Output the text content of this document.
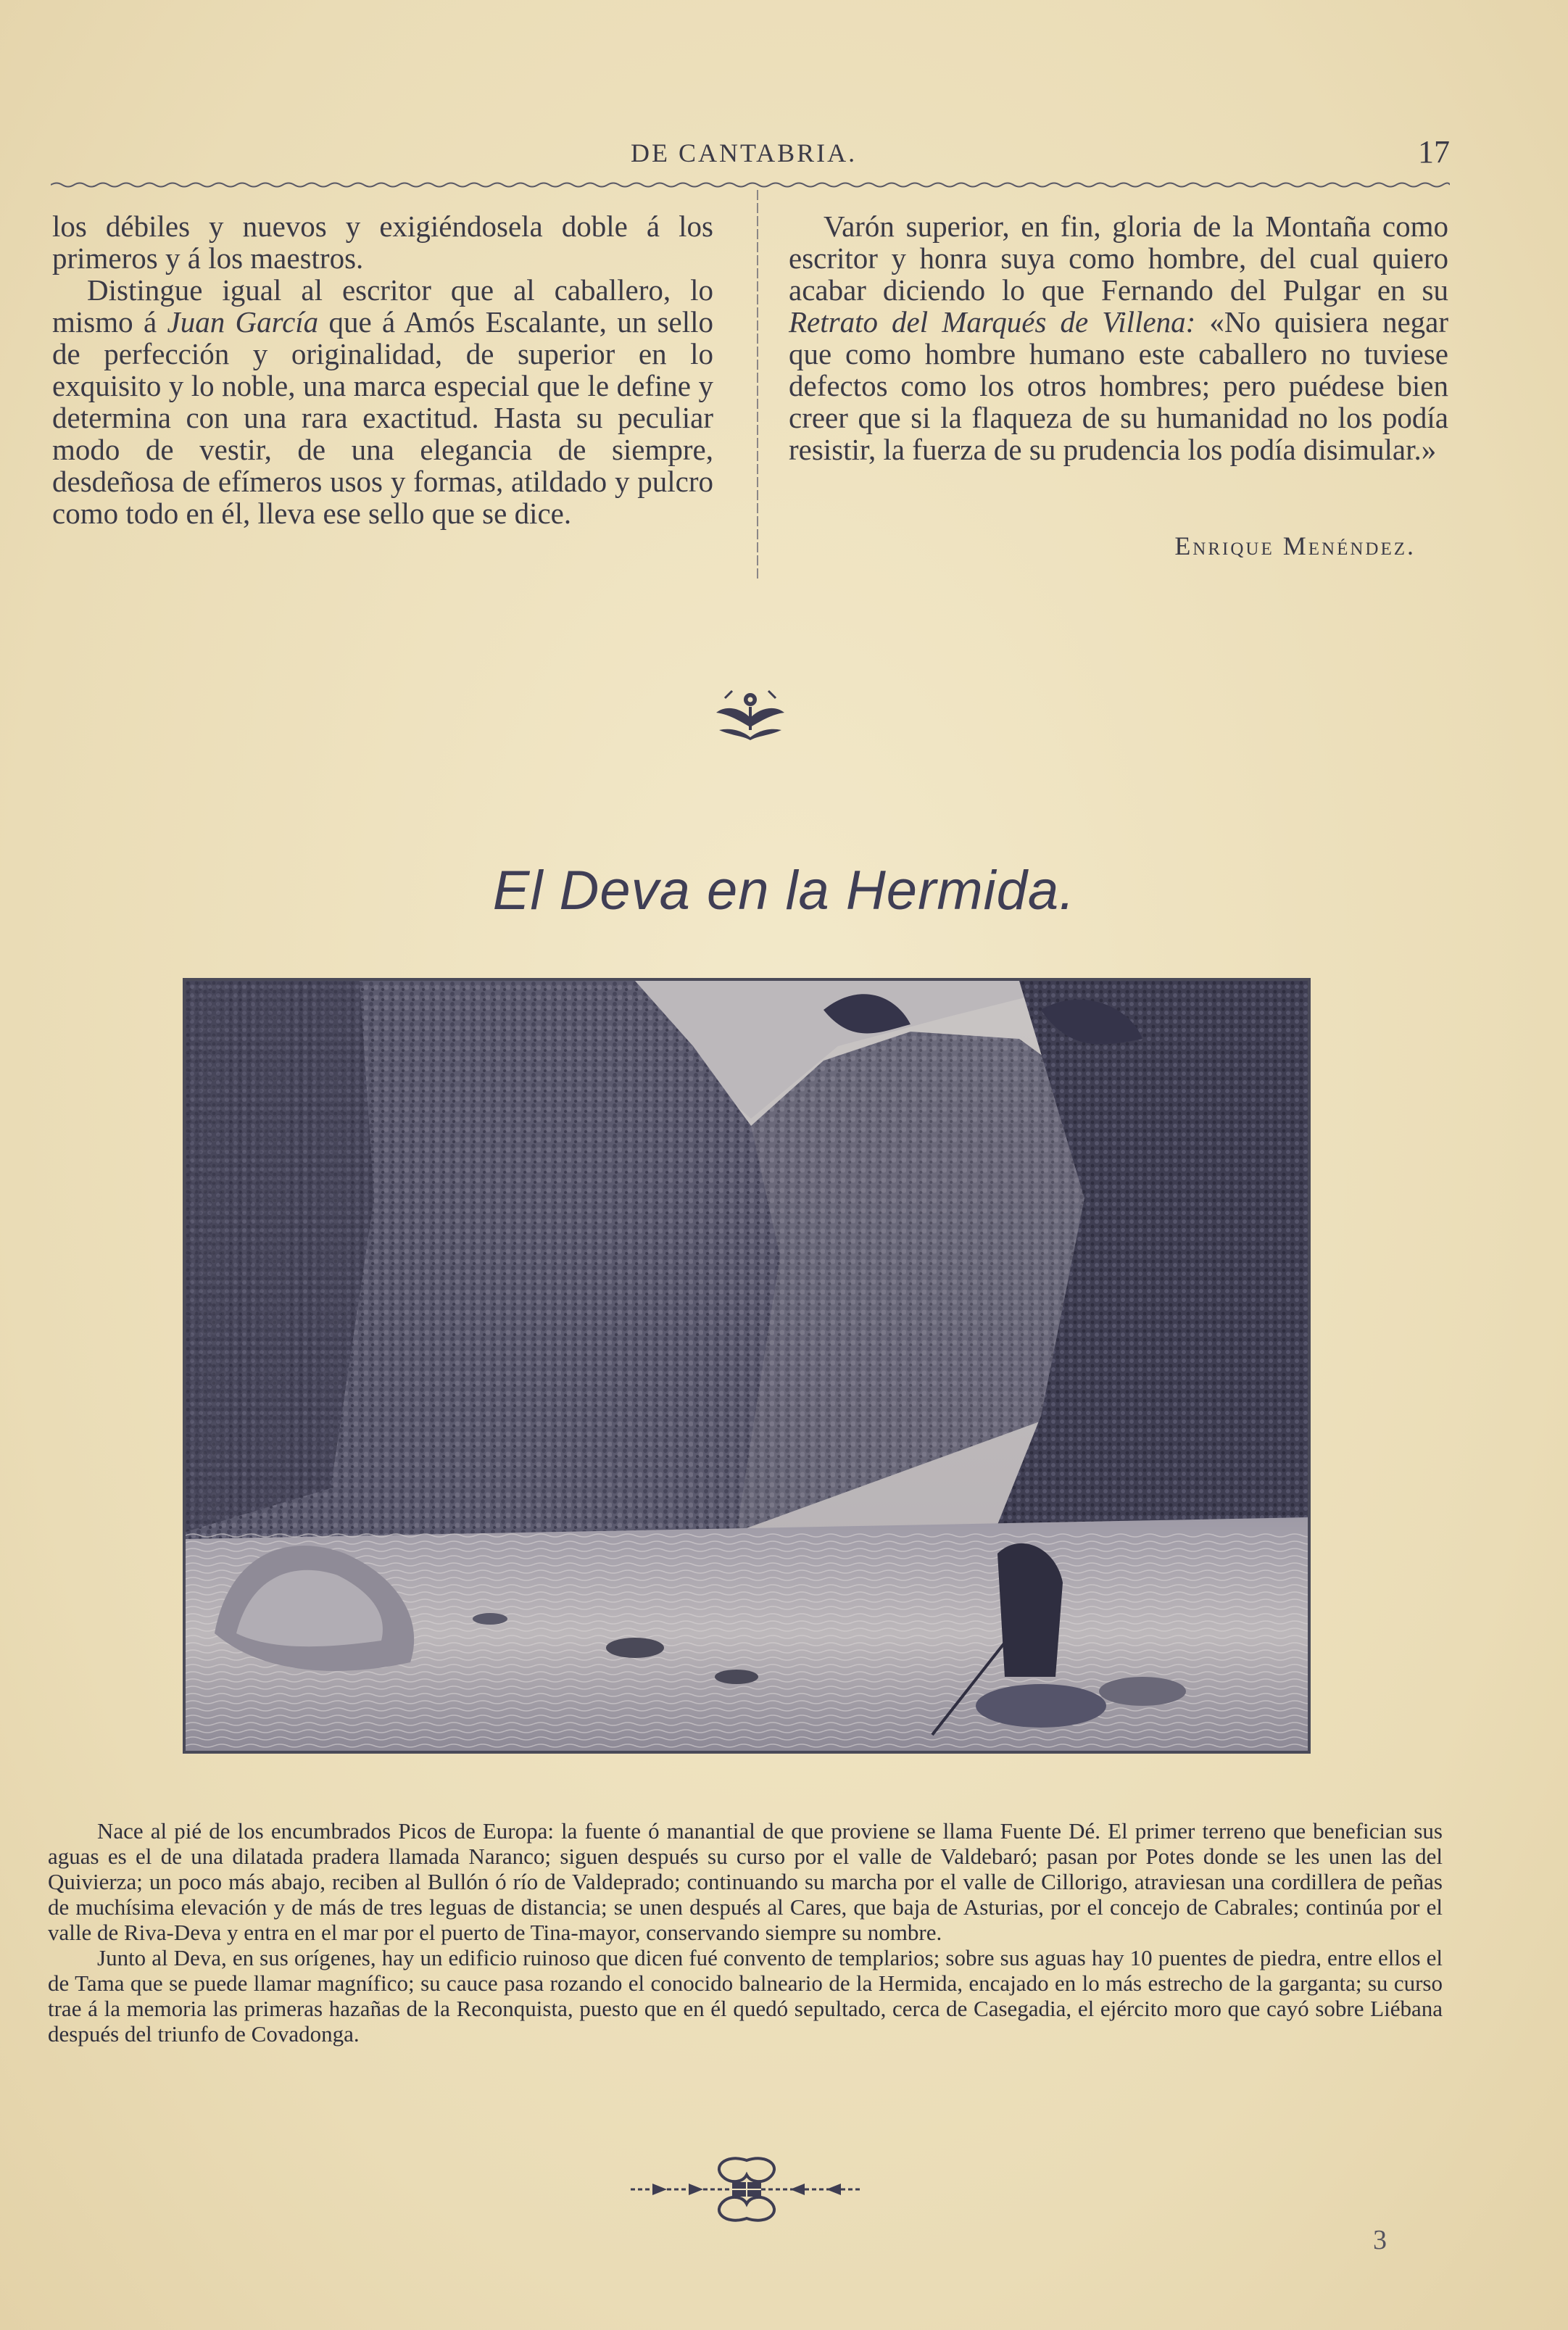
DE CANTABRIA.	17

los débiles y nuevos y exigiéndosela doble á los primeros y á los maestros.

Distingue igual al escritor que al caballero, lo mismo á Juan García que á Amós Escalante, un sello de perfección y originalidad, de superior en lo exquisito y lo noble, una marca especial que le define y determina con una rara exactitud. Hasta su peculiar modo de vestir, de una elegancia de siempre, desdeñosa de efímeros usos y formas, atildado y pulcro como todo en él, lleva ese sello que se dice.

Varón superior, en fin, gloria de la Montaña como escritor y honra suya como hombre, del cual quiero acabar diciendo lo que Fernando del Pulgar en su Retrato del Marqués de Villena: «No quisiera negar que como hombre humano este caballero no tuviese defectos como los otros hombres; pero puédese bien creer que si la flaqueza de su humanidad no los podía resistir, la fuerza de su prudencia los podía disimular.»

Enrique Menéndez.
El Deva en la Hermida.

Nace al pié de los encumbrados Picos de Europa: la fuente ó manantial de que proviene se llama Fuente Dé. El primer terreno que benefician sus aguas es el de una dilatada pradera llamada Naranco; siguen después su curso por el valle de Valdebaró; pasan por Potes donde se les unen las del Quivierza; un poco más abajo, reciben al Bullón ó río de Valdeprado; continuando su marcha por el valle de Cillorigo, atraviesan una cordillera de peñas de muchísima elevación y de más de tres leguas de distancia; se unen después al Cares, que baja de Asturias, por el concejo de Cabrales; continúa por el valle de Riva-Deva y entra en el mar por el puerto de Tina-mayor, conservando siempre su nombre.

Junto al Deva, en sus orígenes, hay un edificio ruinoso que dicen fué convento de templarios; sobre sus aguas hay 10 puentes de piedra, entre ellos el de Tama que se puede llamar magnífico; su cauce pasa rozando el conocido balneario de la Hermida, encajado en lo más estrecho de la garganta; su curso trae á la memoria las primeras hazañas de la Reconquista, puesto que en él quedó sepultado, cerca de Casegadia, el ejército moro que cayó sobre Liébana después del triunfo de Covadonga.

3
